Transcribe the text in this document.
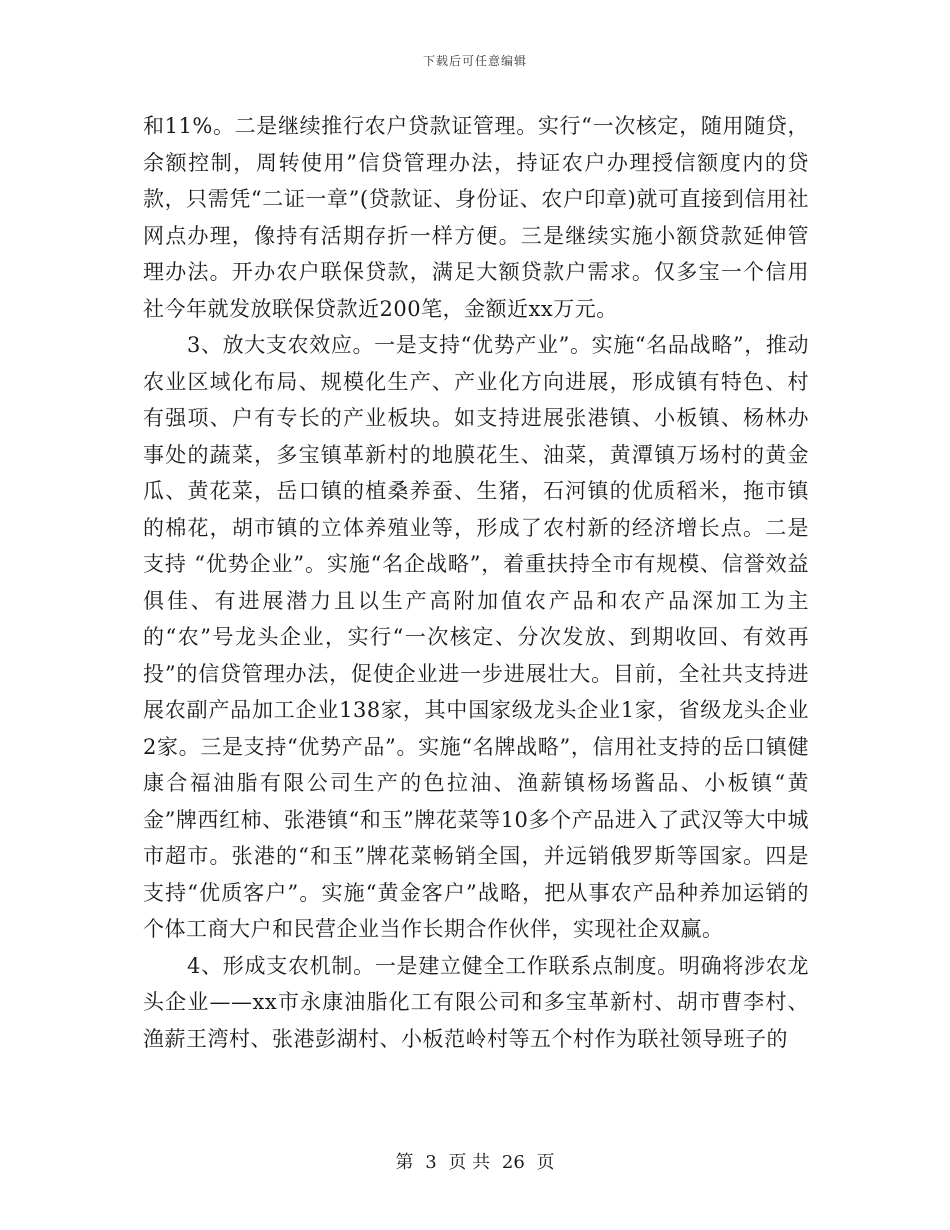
下载后可任意编辑

和11%。二是继续推行农户贷款证管理。实行“一次核定，随用随贷，余额控制，周转使用”信贷管理办法，持证农户办理授信额度内的贷款，只需凭“二证一章”(贷款证、身份证、农户印章)就可直接到信用社网点办理，像持有活期存折一样方便。三是继续实施小额贷款延伸管理办法。开办农户联保贷款，满足大额贷款户需求。仅多宝一个信用社今年就发放联保贷款近200笔，金额近xx万元。

3、放大支农效应。一是支持“优势产业”。实施“名品战略”，推动农业区域化布局、规模化生产、产业化方向进展，形成镇有特色、村有强项、户有专长的产业板块。如支持进展张港镇、小板镇、杨林办事处的蔬菜，多宝镇革新村的地膜花生、油菜，黄潭镇万场村的黄金瓜、黄花菜，岳口镇的植桑养蚕、生猪，石河镇的优质稻米，拖市镇的棉花，胡市镇的立体养殖业等，形成了农村新的经济增长点。二是支持 “优势企业”。实施“名企战略”，着重扶持全市有规模、信誉效益俱佳、有进展潜力且以生产高附加值农产品和农产品深加工为主的“农”号龙头企业，实行“一次核定、分次发放、到期收回、有效再投”的信贷管理办法，促使企业进一步进展壮大。目前，全社共支持进展农副产品加工企业138家，其中国家级龙头企业1家，省级龙头企业2家。三是支持“优势产品”。实施“名牌战略”，信用社支持的岳口镇健康合福油脂有限公司生产的色拉油、渔薪镇杨场酱品、小板镇“黄金”牌西红柿、张港镇“和玉”牌花菜等10多个产品进入了武汉等大中城市超市。张港的“和玉”牌花菜畅销全国，并远销俄罗斯等国家。四是支持“优质客户”。实施“黄金客户”战略，把从事农产品种养加运销的个体工商大户和民营企业当作长期合作伙伴，实现社企双赢。

4、形成支农机制。一是建立健全工作联系点制度。明确将涉农龙头企业——xx市永康油脂化工有限公司和多宝革新村、胡市曹李村、渔薪王湾村、张港彭湖村、小板范岭村等五个村作为联社领导班子的

第 3 页 共 26 页
